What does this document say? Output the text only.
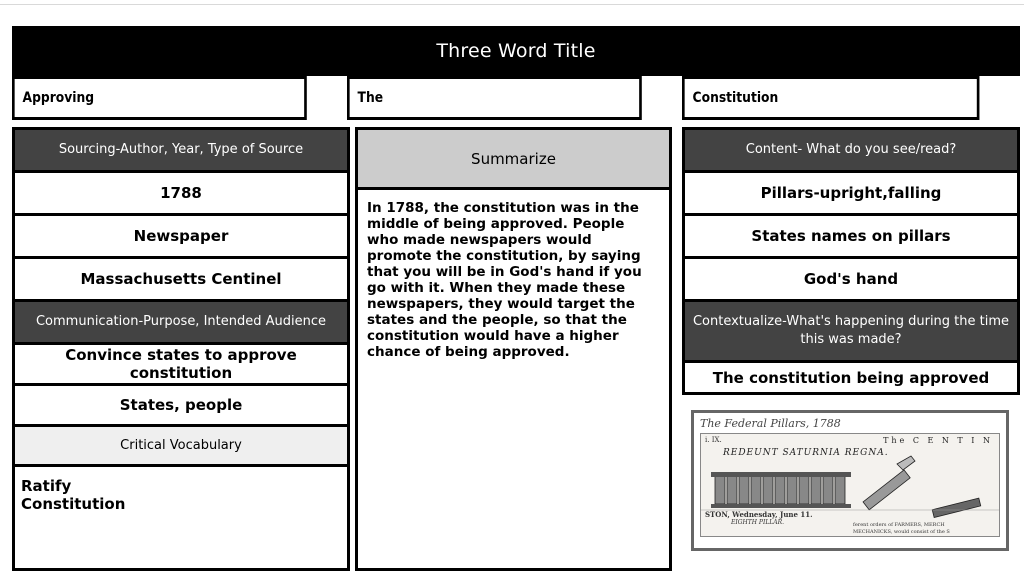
Three Word Title
Approving	The	Constitution
Sourcing-Author, Year, Type of Source
1788
Newspaper
Massachusetts Centinel
Communication-Purpose, Intended Audience
Convince states to approve constitution
States, people
Critical Vocabulary
Ratify
Constitution
Summarize
In 1788, the constitution was in the middle of being approved. People who made newspapers would promote the constitution, by saying that you will be in God's hand if you go with it. When they made these newspapers, they would target the states and the people, so that the constitution would have a higher chance of being approved.
Content- What do you see/read?
Pillars-upright,falling
States names on pillars
God's hand
Contextualize-What's happening during the time this was made?
The constitution being approved
The Federal Pillars, 1788
i. IX.	The C E N T I N
REDEUNT SATURNIA REGNA.
STON, Wednesday, June 11.
EIGHTH PILLAR.	ferent orders of FARMERS, MERCH
MECHANICKS, would consist of the S
